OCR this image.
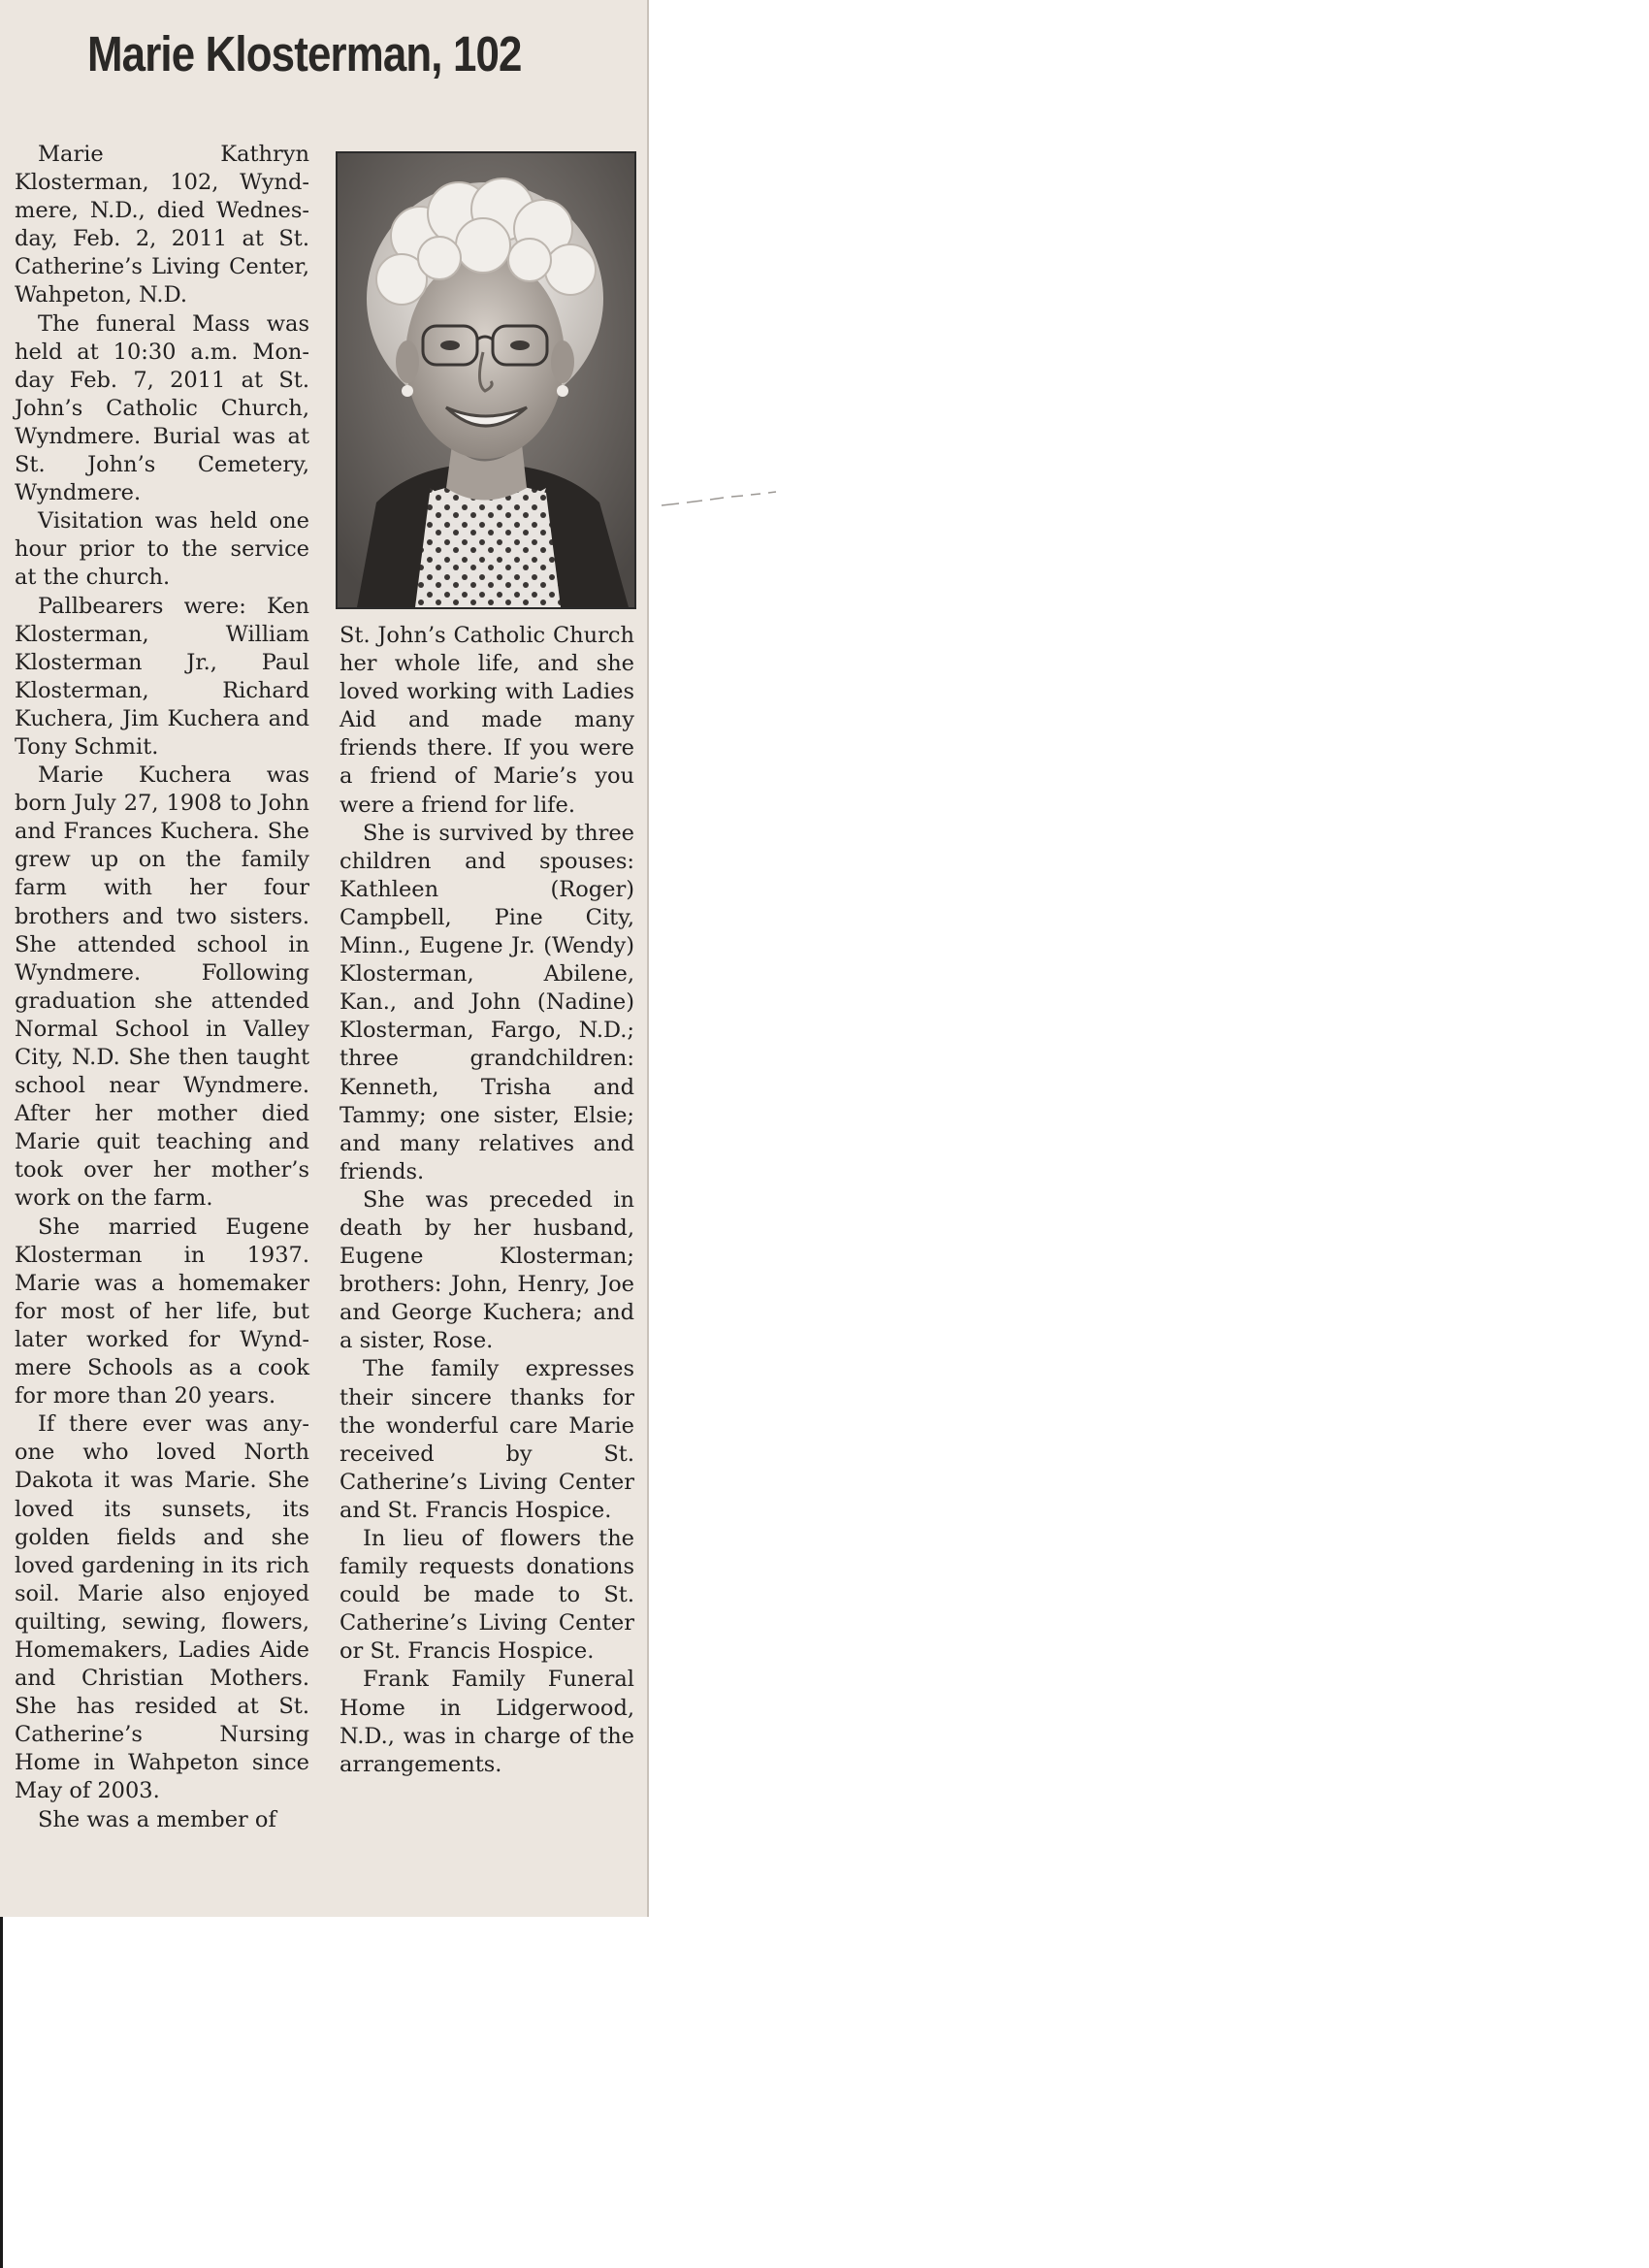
Marie Klosterman, 102

Marie Kathryn Klosterman, 102, Wyndmere, N.D., died Wednesday, Feb. 2, 2011 at St. Catherine’s Living Center, Wahpeton, N.D.

The funeral Mass was held at 10:30 a.m. Monday Feb. 7, 2011 at St. John’s Catholic Church, Wyndmere. Burial was at St. John’s Cemetery, Wyndmere.

Visitation was held one hour prior to the service at the church.

Pallbearers were: Ken Klosterman, William Klosterman Jr., Paul Klosterman, Richard Kuchera, Jim Kuchera and Tony Schmit.

Marie Kuchera was born July 27, 1908 to John and Frances Kuchera. She grew up on the family farm with her four brothers and two sisters. She attended school in Wyndmere. Following graduation she attended Normal School in Valley City, N.D. She then taught school near Wyndmere. After her mother died Marie quit teaching and took over her mother’s work on the farm.

She married Eugene Klosterman in 1937. Marie was a homemaker for most of her life, but later worked for Wyndmere Schools as a cook for more than 20 years.

If there ever was anyone who loved North Dakota it was Marie. She loved its sunsets, its golden fields and she loved gardening in its rich soil. Marie also enjoyed quilting, sewing, flowers, Homemakers, Ladies Aide and Christian Mothers. She has resided at St. Catherine’s Nursing Home in Wahpeton since May of 2003.

She was a member of

St. John’s Catholic Church her whole life, and she loved working with Ladies Aid and made many friends there. If you were a friend of Marie’s you were a friend for life.

She is survived by three children and spouses: Kathleen (Roger) Campbell, Pine City, Minn., Eugene Jr. (Wendy) Klosterman, Abilene, Kan., and John (Nadine) Klosterman, Fargo, N.D.; three grandchildren: Kenneth, Trisha and Tammy; one sister, Elsie; and many relatives and friends.

She was preceded in death by her husband, Eugene Klosterman; brothers: John, Henry, Joe and George Kuchera; and a sister, Rose.

The family expresses their sincere thanks for the wonderful care Marie received by St. Catherine’s Living Center and St. Francis Hospice.

In lieu of flowers the family requests donations could be made to St. Catherine’s Living Center or St. Francis Hospice.

Frank Family Funeral Home in Lidgerwood, N.D., was in charge of the arrangements.
